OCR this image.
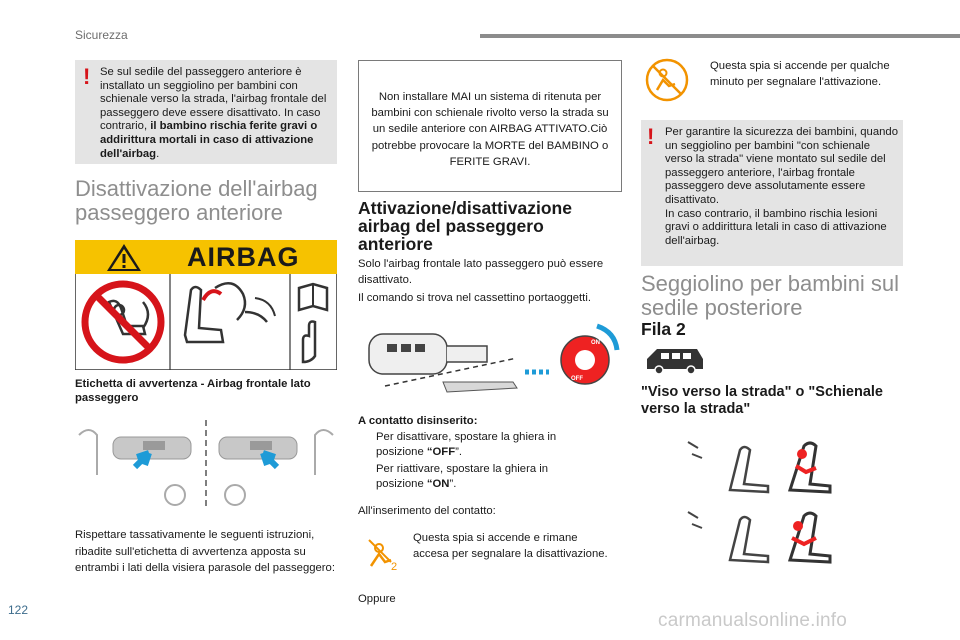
Sicurezza
! Se sul sedile del passeggero anteriore è installato un seggiolino per bambini con schienale verso la strada, l'airbag frontale del passeggero deve essere disattivato. In caso contrario, il bambino rischia ferite gravi o addirittura mortali in caso di attivazione dell'airbag.
Disattivazione dell'airbag passeggero anteriore
AIRBAG
Etichetta di avvertenza - Airbag frontale lato passeggero
Rispettare tassativamente le seguenti istruzioni, ribadite sull'etichetta di avvertenza apposta su entrambi i lati della visiera parasole del passeggero:
Non installare MAI un sistema di ritenuta per bambini con schienale rivolto verso la strada su un sedile anteriore con AIRBAG ATTIVATO.Ciò potrebbe provocare la MORTE del BAMBINO o FERITE GRAVI.
Attivazione/disattivazione airbag del passeggero anteriore
Solo l'airbag frontale lato passeggero può essere disattivato.
Il comando si trova nel cassettino portaoggetti.
ON
OFF
A contatto disinserito:
Per disattivare, spostare la ghiera in posizione “OFF”.
Per riattivare, spostare la ghiera in posizione “ON”.
All'inserimento del contatto:
2
Questa spia si accende e rimane accesa per segnalare la disattivazione.
Oppure
Questa spia si accende per qualche minuto per segnalare l'attivazione.
! Per garantire la sicurezza dei bambini, quando un seggiolino per bambini "con schienale verso la strada" viene montato sul sedile del passeggero anteriore, l'airbag frontale passeggero deve assolutamente essere disattivato.
In caso contrario, il bambino rischia lesioni gravi o addirittura letali in caso di attivazione dell'airbag.
Seggiolino per bambini sul sedile posteriore
Fila 2
"Viso verso la strada" o "Schienale verso la strada"
122	carmanualsonline.info
